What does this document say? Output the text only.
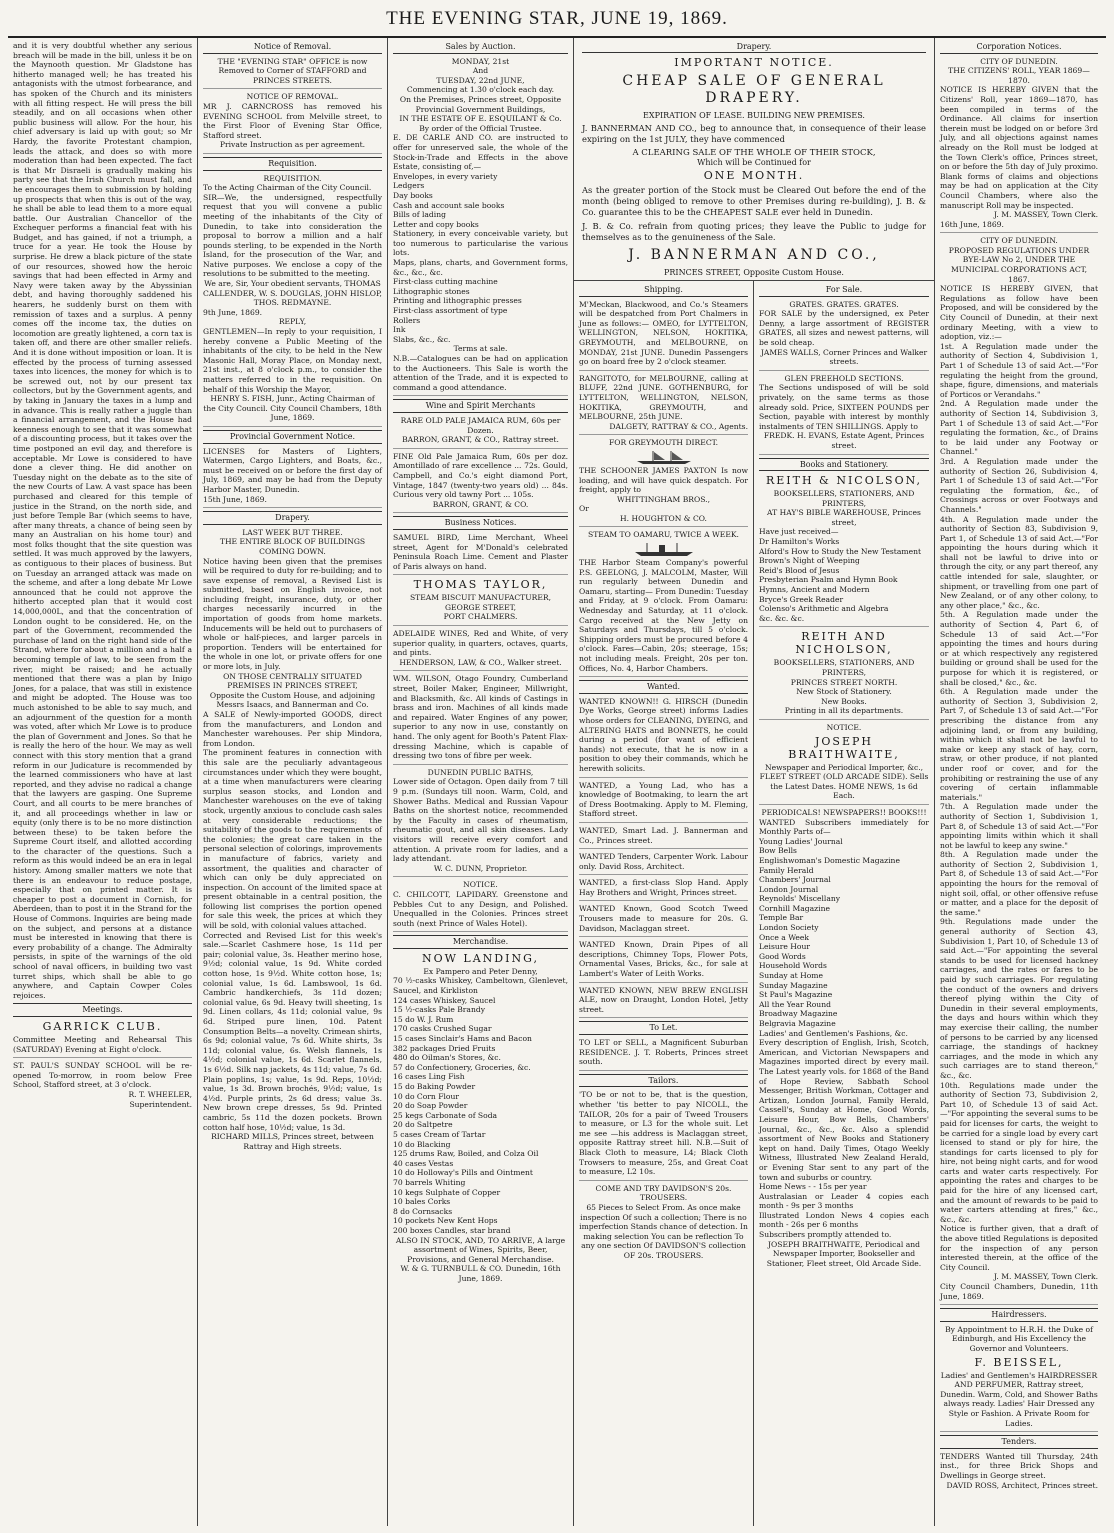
THE EVENING STAR, JUNE 19, 1869.
and it is very doubtful whether any serious breach will be made in the bill, unless it be on the Maynooth question. Mr Gladstone has hitherto managed well; he has treated his antagonists with the utmost forbearance, and has spoken of the Church and its ministers with all fitting respect. He will press the bill steadily, and on all occasions when other public business will allow. For the hour, his chief adversary is laid up with gout; so Mr Hardy, the favorite Protestant champion, leads the attack, and does so with more moderation than had been expected. The fact is that Mr Disraeli is gradually making his party see that the Irish Church must fall, and he encourages them to submission by holding up prospects that when this is out of the way, he shall be able to lead them to a more equal battle. Our Australian Chancellor of the Exchequer performs a financial feat with his Budget, and has gained, if not a triumph, a truce for a year. He took the House by surprise. He drew a black picture of the state of our resources, showed how the heroic savings that had been effected in Army and Navy were taken away by the Abyssinian debt, and having thoroughly saddened his hearers, he suddenly burst on them with remission of taxes and a surplus. A penny comes off the income tax, the duties on locomotion are greatly lightened, a corn tax is taken off, and there are other smaller reliefs. And it is done without imposition or loan. It is effected by the process of turning assessed taxes into licences, the money for which is to be screwed out, not by our present tax collectors, but by the Government agents, and by taking in January the taxes in a lump and in advance. This is really rather a juggle than a financial arrangement, and the House had keenness enough to see that it was somewhat of a discounting process, but it takes over the time postponed an evil day, and therefore is acceptable. Mr Lowe is considered to have done a clever thing. He did another on Tuesday night on the debate as to the site of the new Courts of Law. A vast space has been purchased and cleared for this temple of justice in the Strand, on the north side, and just before Temple Bar (which seems to have, after many threats, a chance of being seen by many an Australian on his home tour) and most folks thought that the site question was settled. It was much approved by the lawyers, as contiguous to their places of business. But on Tuesday an arranged attack was made on the scheme, and after a long debate Mr Lowe announced that he could not approve the hitherto accepted plan that it would cost 14,000,000L, and that the concentration of London ought to be considered. He, on the part of the Government, recommended the purchase of land on the right hand side of the Strand, where for about a million and a half a becoming temple of law, to be seen from the river, might be raised; and he actually mentioned that there was a plan by Inigo Jones, for a palace, that was still in existence and might be adopted. The House was too much astonished to be able to say much, and an adjournment of the question for a month was voted, after which Mr Lowe is to produce the plan of Government and Jones. So that he is really the hero of the hour. We may as well connect with this story mention that a grand reform in our Judicature is recommended by the learned commissioners who have at last reported, and they advise no radical a change that the lawyers are gasping. One Supreme Court, and all courts to be mere branches of it, and all proceedings whether in law or equity (only there is to be no more distinction between these) to be taken before the Supreme Court itself, and allotted according to the character of the questions. Such a reform as this would indeed be an era in legal history. Among smaller matters we note that there is an endeavour to reduce postage, especially that on printed matter. It is cheaper to post a document in Cornish, for Aberdeen, than to post it in the Strand for the House of Commons. Inquiries are being made on the subject, and persons at a distance must be interested in knowing that there is every probability of a change. The Admiralty persists, in spite of the warnings of the old school of naval officers, in building two vast turret ships, which shall be able to go anywhere, and Captain Cowper Coles rejoices.
Meetings.
GARRICK CLUB.
Committee Meeting and Rehearsal This (SATURDAY) Evening at Eight o'clock.
ST. PAUL'S SUNDAY SCHOOL will be re-opened To-morrow, in room below Free School, Stafford street, at 3 o'clock.
R. T. WHEELER,
Superintendent.
Notice of Removal.
THE "EVENING STAR" OFFICE is now Removed to Corner of STAFFORD and PRINCES STREETS.
NOTICE OF REMOVAL.
MR J. CARNCROSS has removed his EVENING SCHOOL from Melville street, to the First Floor of Evening Star Office, Stafford street.
Private Instruction as per agreement.
Requisition.
REQUISITION.
To the Acting Chairman of the City Council.
SIR—We, the undersigned, respectfully request that you will convene a public meeting of the inhabitants of the City of Dunedin, to take into consideration the proposal to borrow a million and a half pounds sterling, to be expended in the North Island, for the prosecution of the War, and Native purposes. We enclose a copy of the resolutions to be submitted to the meeting.
We are, Sir, Your obedient servants, THOMAS CALLENDER, W. S. DOUGLAS, JOHN HISLOP, THOS. REDMAYNE.
9th June, 1869.
REPLY,
GENTLEMEN—In reply to your requisition, I hereby convene a Public Meeting of the inhabitants of the city, to be held in the New Masonic Hall, Moray Place, on Monday next, 21st inst., at 8 o'clock p.m., to consider the matters referred to in the requisition. On behalf of this Worship the Mayor,
HENRY S. FISH, Junr., Acting Chairman of the City Council. City Council Chambers, 18th June, 1869.
Provincial Government Notice.
LICENSES for Masters of Lighters, Watermen, Cargo Lighters, and Boats, &c., must be received on or before the first day of July, 1869, and may be had from the Deputy Harbor Master, Dunedin.
15th June, 1869.
Drapery.
LAST WEEK BUT THREE.
THE ENTIRE BLOCK OF BUILDINGS COMING DOWN.
Notice having been given that the premises will be required to duty for re-building; and to save expense of removal, a Revised List is submitted, based on English invoice, not including freight, insurance, duty, or other charges necessarily incurred in the importation of goods from home markets. Inducements will be held out to purchasers of whole or half-pieces, and larger parcels in proportion. Tenders will be entertained for the whole in one lot, or private offers for one or more lots, in July.
ON THOSE CENTRALLY SITUATED PREMISES IN PRINCES STREET,
Opposite the Custom House, and adjoining Messrs Isaacs, and Bannerman and Co.
A SALE of Newly-imported GOODS, direct from the manufacturers, and London and Manchester warehouses. Per ship Mindora, from London.
The prominent features in connection with this sale are the peculiarly advantageous circumstances under which they were bought, at a time when manufacturers were clearing surplus season stocks, and London and Manchester warehouses on the eve of taking stock, urgently anxious to conclude cash sales at very considerable reductions; the suitability of the goods to the requirements of the colonies; the great care taken in the personal selection of colorings, improvements in manufacture of fabrics, variety and assortment, the qualities and character of which can only be duly appreciated on inspection. On account of the limited space at present obtainable in a central position, the following list comprises the portion opened for sale this week, the prices at which they will be sold, with colonial values attached.
Corrected and Revised List for this week's sale.—Scarlet Cashmere hose, 1s 11d per pair; colonial value, 3s. Heather merino hose, 9½d; colonial value, 1s 9d. White corded cotton hose, 1s 9½d. White cotton hose, 1s; colonial value, 1s 6d. Lambswool, 1s 6d. Cambric handkerchiefs, 3s 11d dozen; colonial value, 6s 9d. Heavy twill sheeting, 1s 9d. Linen collars, 4s 11d; colonial value, 9s 6d. Striped pure linen, 10d. Patent Consumption Belts—a novelty. Crimean shirts, 6s 9d; colonial value, 7s 6d. White shirts, 3s 11d; colonial value, 6s. Welsh flannels, 1s 4½d; colonial value, 1s 6d. Scarlet flannels, 1s 6½d. Silk nap jackets, 4s 11d; value, 7s 6d. Plain poplins, 1s; value, 1s 9d. Reps, 10½d; value, 1s 3d. Brown brochés, 9½d; value, 1s 4½d. Purple prints, 2s 6d dress; value 3s. New brown crepe dresses, 5s 9d. Printed cambric, 5s 11d the dozen pockets. Brown cotton half hose, 10½d; value, 1s 3d.
RICHARD MILLS, Princes street, between Rattray and High streets.
Sales by Auction.
MONDAY, 21st
And
TUESDAY, 22nd JUNE,
Commencing at 1.30 o'clock each day.
On the Premises, Princes street, Opposite Provincial Government Buildings,
IN THE ESTATE OF E. ESQUILANT & Co.
By order of the Official Trustee.
E. DE CARLE AND CO. are instructed to offer for unreserved sale, the whole of the Stock-in-Trade and Effects in the above Estate, consisting of,—
Envelopes, in every variety
Ledgers
Day books
Cash and account sale books
Bills of lading
Letter and copy books
Stationery, in every conceivable variety, but too numerous to particularise the various lots.
Maps, plans, charts, and Government forms, &c., &c., &c.
First-class cutting machine
Lithographic stones
Printing and lithographic presses
First-class assortment of type
Rollers
Ink
Slabs, &c., &c.
Terms at sale.
N.B.—Catalogues can be had on application to the Auctioneers. This Sale is worth the attention of the Trade, and it is expected to command a good attendance.
Wine and Spirit Merchants
RARE OLD PALE JAMAICA RUM, 60s per Dozen.
BARRON, GRANT, & CO., Rattray street.
FINE Old Pale Jamaica Rum, 60s per doz. Amontillado of rare excellence ... 72s. Gould, Campbell, and Co.'s eight diamond Port, Vintage, 1847 (twenty-two years old) ... 84s. Curious very old tawny Port ... 105s.
BARRON, GRANT, & CO.
Business Notices.
SAMUEL BIRD, Lime Merchant, Wheel street, Agent for M'Donald's celebrated Peninsula Roach Lime. Cement and Plaster of Paris always on hand.
THOMAS TAYLOR,
STEAM BISCUIT MANUFACTURER,
GEORGE STREET,
PORT CHALMERS.
ADELAIDE WINES, Red and White, of very superior quality, in quarters, octaves, quarts, and pints.
HENDERSON, LAW, & CO., Walker street.
WM. WILSON, Otago Foundry, Cumberland street, Boiler Maker, Engineer, Millwright, and Blacksmith, &c. All kinds of Castings in brass and iron. Machines of all kinds made and repaired. Water Engines of any power, superior to any now in use, constantly on hand. The only agent for Booth's Patent Flax-dressing Machine, which is capable of dressing two tons of fibre per week.
DUNEDIN PUBLIC BATHS,
Lower side of Octagon. Open daily from 7 till 9 p.m. (Sundays till noon. Warm, Cold, and Shower Baths. Medical and Russian Vapour Baths on the shortest notice, recommended by the Faculty in cases of rheumatism, rheumatic gout, and all skin diseases. Lady visitors will receive every comfort and attention. A private room for ladies, and a lady attendant.
W. C. DUNN, Proprietor.
NOTICE.
C. CHILCOTT, LAPIDARY. Greenstone and Pebbles Cut to any Design, and Polished. Unequalled in the Colonies. Princes street south (next Prince of Wales Hotel).
Merchandise.
NOW LANDING,
Ex Pampero and Peter Denny,
70 ½-casks Whiskey, Cambeltown, Glenlevet, Saucel, and Kirkliston
124 cases Whiskey, Saucel
15 ½-casks Pale Brandy
15 do W. J. Rum
170 casks Crushed Sugar
15 cases Sinclair's Hams and Bacon
382 packages Dried Fruits
480 do Oilman's Stores, &c.
57 do Confectionery, Groceries, &c.
16 cases Ling Fish
15 do Baking Powder
10 do Corn Flour
20 do Soap Powder
25 kegs Carbonate of Soda
20 do Saltpetre
5 cases Cream of Tartar
10 do Blacking
125 drums Raw, Boiled, and Colza Oil
40 cases Vestas
10 do Holloway's Pills and Ointment
70 barrels Whiting
10 kegs Sulphate of Copper
10 bales Corks
8 do Cornsacks
10 pockets New Kent Hops
200 boxes Candles, star brand
ALSO IN STOCK, AND, TO ARRIVE, A large assortment of Wines, Spirits, Beer, Provisions, and General Merchandise.
W. & G. TURNBULL & CO. Dunedin, 16th June, 1869.
Drapery.
IMPORTANT NOTICE.
CHEAP SALE OF GENERAL DRAPERY.
EXPIRATION OF LEASE. BUILDING NEW PREMISES.

J. BANNERMAN AND CO., beg to announce that, in consequence of their lease expiring on the 1st JULY, they have commenced

A CLEARING SALE OF THE WHOLE OF THEIR STOCK,
Which will be Continued for
ONE MONTH.

As the greater portion of the Stock must be Cleared Out before the end of the month (being obliged to remove to other Premises during re-building), J. B. & Co. guarantee this to be the CHEAPEST SALE ever held in Dunedin.

J. B. & Co. refrain from quoting prices; they leave the Public to judge for themselves as to the genuineness of the Sale.

J. BANNERMAN AND CO.,
PRINCES STREET, Opposite Custom House.
Shipping.
M'Meckan, Blackwood, and Co.'s Steamers will be despatched from Port Chalmers in June as follows:— OMEO, for LYTTELTON, WELLINGTON, NELSON, HOKITIKA, GREYMOUTH, and MELBOURNE, on MONDAY, 21st JUNE. Dunedin Passengers go on board free by 2 o'clock steamer.
RANGITOTO, for MELBOURNE, calling at BLUFF, 22nd JUNE. GOTHENBURG, for LYTTELTON, WELLINGTON, NELSON, HOKITIKA, GREYMOUTH, and MELBOURNE, 25th JUNE.
DALGETY, RATTRAY & CO., Agents.
FOR GREYMOUTH DIRECT.
THE SCHOONER JAMES PAXTON Is now loading, and will have quick despatch. For freight, apply to
WHITTINGHAM BROS.,
Or
H. HOUGHTON & CO.
STEAM TO OAMARU, TWICE A WEEK.
THE Harbor Steam Company's powerful P.S. GEELONG, J. MALCOLM, Master, Will run regularly between Dunedin and Oamaru, starting— From Dunedin: Tuesday and Friday, at 9 o'clock. From Oamaru: Wednesday and Saturday, at 11 o'clock. Cargo received at the New Jetty on Saturdays and Thursdays, till 5 o'clock. Shipping orders must be procured before 4 o'clock. Fares—Cabin, 20s; steerage, 15s; not including meals. Freight, 20s per ton. Offices, No. 4, Harbor Chambers.
Wanted.
WANTED KNOWN!! G. HIRSCH (Dunedin Dye Works, George street) informs Ladies whose orders for CLEANING, DYEING, and ALTERING HATS and BONNETS, he could during a period (for want of efficient hands) not execute, that he is now in a position to obey their commands, which he herewith solicits.
WANTED, a Young Lad, who has a knowledge of Bootmaking, to learn the art of Dress Bootmaking. Apply to M. Fleming, Stafford street.
WANTED, Smart Lad. J. Bannerman and Co., Princes street.
WANTED Tenders, Carpenter Work. Labour only. David Ross, Architect.
WANTED, a first-class Slop Hand. Apply Hay Brothers and Wright, Princes street.
WANTED Known, Good Scotch Tweed Trousers made to measure for 20s. G. Davidson, Maclaggan street.
WANTED Known, Drain Pipes of all descriptions, Chimney Tops, Flower Pots, Ornamental Vases, Bricks, &c., for sale at Lambert's Water of Leith Works.
WANTED KNOWN, NEW BREW ENGLISH ALE, now on Draught, London Hotel, Jetty street.
To Let.
TO LET or SELL, a Magnificent Suburban RESIDENCE. J. T. Roberts, Princes street south.
Tailors.
'TO be or not to be, that is the question, whether 'tis better to pay NICOLL, the TAILOR, 20s for a pair of Tweed Trousers to measure, or L3 for the whole suit. Let me see —his address is Maclaggan street, opposite Rattray street hill. N.B.—Suit of Black Cloth to measure, L4; Black Cloth Trowsers to measure, 25s, and Great Coat to measure, L2 10s.
COME AND TRY DAVIDSON'S 20s. TROUSERS.
65 Pieces to Select From. As once make inspection Of such a collection; There is no imperfection Stands chance of detection. In making selection You can be reflection To any one section Of DAVIDSON'S collection
OF 20s. TROUSERS.
For Sale.
GRATES. GRATES. GRATES.
FOR SALE by the undersigned, ex Peter Denny, a large assortment of REGISTER GRATES, all sizes and newest patterns, will be sold cheap.
JAMES WALLS, Corner Princes and Walker streets.
GLEN FREEHOLD SECTIONS.
The Sections undisposed of will be sold privately, on the same terms as those already sold. Price, SIXTEEN POUNDS per Section, payable with interest by monthly instalments of TEN SHILLINGS. Apply to
FREDK. H. EVANS, Estate Agent, Princes street.
Books and Stationery.
REITH & NICOLSON,
BOOKSELLERS, STATIONERS, AND PRINTERS,
AT HAY'S BIBLE WAREHOUSE, Princes street,
Have just received—
Dr Hamilton's Works
Alford's How to Study the New Testament
Brown's Night of Weeping
Reid's Blood of Jesus
Presbyterian Psalm and Hymn Book
Hymns, Ancient and Modern
Bryce's Greek Reader
Colenso's Arithmetic and Algebra
&c. &c. &c.
REITH AND NICHOLSON,
BOOKSELLERS, STATIONERS, AND PRINTERS,
PRINCES STREET NORTH.
New Stock of Stationery.
New Books.
Printing in all its departments.
NOTICE.
JOSEPH BRAITHWAITE,
Newspaper and Periodical Importer, &c., FLEET STREET (OLD ARCADE SIDE). Sells the Latest Dates. HOME NEWS, 1s 6d Each.
PERIODICALS! NEWSPAPERS!! BOOKS!!!
WANTED Subscribers immediately for Monthly Parts of—
Young Ladies' Journal
Bow Bells
Englishwoman's Domestic Magazine
Family Herald
Chambers' Journal
London Journal
Reynolds' Miscellany
Cornhill Magazine
Temple Bar
London Society
Once a Week
Leisure Hour
Good Words
Household Words
Sunday at Home
Sunday Magazine
St Paul's Magazine
All the Year Round
Broadway Magazine
Belgravia Magazine
Ladies' and Gentlemen's Fashions, &c.
Every description of English, Irish, Scotch, American, and Victorian Newspapers and Magazines imported direct by every mail. The Latest yearly vols. for 1868 of the Band of Hope Review, Sabbath School Messenger, British Workman, Cottager and Artizan, London Journal, Family Herald, Cassell's, Sunday at Home, Good Words, Leisure Hour, Bow Bells, Chambers' Journal, &c., &c., &c. Also a splendid assortment of New Books and Stationery kept on hand. Daily Times, Otago Weekly Witness, Illustrated New Zealand Herald, or Evening Star sent to any part of the town and suburbs or country.
Home News - - 15s per year
Australasian or Leader 4 copies each month - 9s per 3 months
Illustrated London News 4 copies each month - 26s per 6 months
Subscribers promptly attended to.
JOSEPH BRAITHWAITE, Periodical and Newspaper Importer, Bookseller and Stationer, Fleet street, Old Arcade Side.
Corporation Notices.
CITY OF DUNEDIN.
THE CITIZENS' ROLL, YEAR 1869—1870.
NOTICE IS HEREBY GIVEN that the Citizens' Roll, year 1869—1870, has been compiled in terms of the Ordinance. All claims for insertion therein must be lodged on or before 3rd July, and all objections against names already on the Roll must be lodged at the Town Clerk's office, Princes street, on or before the 5th day of July proximo. Blank forms of claims and objections may be had on application at the City Council Chambers, where also the manuscript Roll may be inspected.
J. M. MASSEY, Town Clerk.
16th June, 1869.
CITY OF DUNEDIN.
PROPOSED REGULATIONS UNDER BYE-LAW No 2, UNDER THE MUNICIPAL CORPORATIONS ACT, 1867.
NOTICE IS HEREBY GIVEN, that Regulations as follow have been Proposed, and will be considered by the City Council of Dunedin, at their next ordinary Meeting, with a view to adoption, viz.:—
1st. A Regulation made under the authority of Section 4, Subdivision 1, Part 1 of Schedule 13 of said Act.—"For regulating the height from the ground, shape, figure, dimensions, and materials of Porticos or Verandahs."
2nd. A Regulation made under the authority of Section 14, Subdivision 3, Part 1 of Schedule 13 of said Act.—"For regulating the formation, &c., of Drains to be laid under any Footway or Channel."
3rd. A Regulation made under the authority of Section 26, Subdivision 4, Part 1 of Schedule 13 of said Act.—"For regulating the formation, &c., of Crossings across or over Footways and Channels."
4th. A Regulation made under the authority of Section 83, Subdivision 9, Part 1, of Schedule 13 of said Act.—"For appointing the hours during which it shall not be lawful to drive into or through the city, or any part thereof, any cattle intended for sale, slaughter, or shipment, or travelling from one part of New Zealand, or of any other colony, to any other place," &c., &c.
5th. A Regulation made under the authority of Section 4, Part 6, of Schedule 13 of said Act.—"For appointing the times and hours during or at which respectively any registered building or ground shall be used for the purpose for which it is registered, or shall be closed," &c., &c.
6th. A Regulation made under the authority of Section 3, Subdivision 2, Part 7, of Schedule 13 of said Act.—"For prescribing the distance from any adjoining land, or from any building, within which it shall not be lawful to make or keep any stack of hay, corn, straw, or other produce, if not planted under roof or cover, and for the prohibiting or restraining the use of any covering of certain inflammable materials."
7th. A Regulation made under the authority of Section 1, Subdivision 1, Part 8, of Schedule 13 of said Act.—"For appointing limits within which it shall not be lawful to keep any swine."
8th. A Regulation made under the authority of Section 2, Subdivision 1, Part 8, of Schedule 13 of said Act.—"For appointing the hours for the removal of night soil, offal, or other offensive refuse or matter, and a place for the deposit of the same."
9th. Regulations made under the general authority of Section 43, Subdivision 1, Part 10, of Schedule 13 of said Act.—"For appointing the several stands to be used for licensed hackney carriages, and the rates or fares to be paid by such carriages. For regulating the conduct of the owners and drivers thereof plying within the City of Dunedin in their several employments, the days and hours within which they may exercise their calling, the number of persons to be carried by any licensed carriage, the standings of hackney carriages, and the mode in which any such carriages are to stand thereon," &c., &c.
10th. Regulations made under the authority of Section 73, Subdivision 2, Part 10, of Schedule 13 of said Act.—"For appointing the several sums to be paid for licenses for carts, the weight to be carried for a single load by every cart licensed to stand or ply for hire, the standings for carts licensed to ply for hire, not being night carts, and for wood carts and water carts respectively. For appointing the rates and charges to be paid for the hire of any licensed cart, and the amount of rewards to be paid to water carters attending at fires," &c., &c., &c.
Notice is further given, that a draft of the above titled Regulations is deposited for the inspection of any person interested therein, at the office of the City Council.
J. M. MASSEY, Town Clerk.
City Council Chambers, Dunedin, 11th June, 1869.
Hairdressers.
By Appointment to H.R.H. the Duke of Edinburgh, and His Excellency the Governor and Volunteers.
F. BEISSEL,
Ladies' and Gentlemen's HAIRDRESSER AND PERFUMER, Rattray street, Dunedin. Warm, Cold, and Shower Baths always ready. Ladies' Hair Dressed any Style or Fashion. A Private Room for Ladies.
Tenders.
TENDERS Wanted till Thursday, 24th inst., for three Brick Shops and Dwellings in George street.
DAVID ROSS, Architect, Princes street.
